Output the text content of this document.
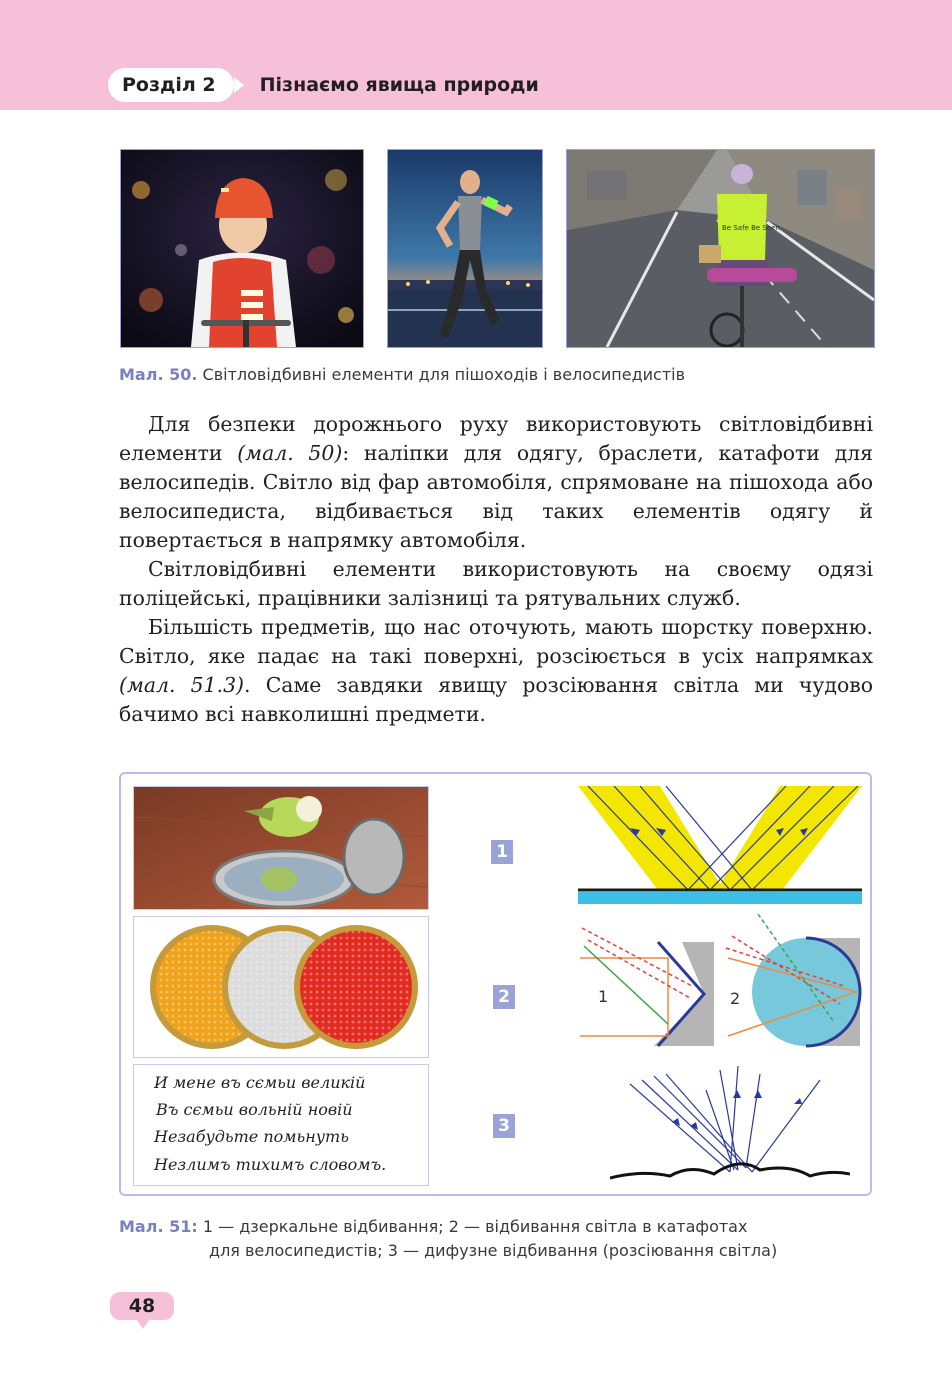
Розділ 2	Пізнаємо явища природи
Be Safe Be Seen
Мал. 50. Світловідбивні елементи для пішоходів і велосипедистів

Для безпеки дорожнього руху використовують світловідбивні елементи (мал. 50): наліпки для одягу, браслети, катафоти для велосипедів. Світло від фар автомобіля, спрямоване на пішохода або велосипедиста, відбивається від таких елементів одягу й повертається в напрямку автомобіля.

Світловідбивні елементи використовують на своєму одязі поліцейські, працівники залізниці та рятувальних служб.

Більшість предметів, що нас оточують, мають шорстку поверхню. Світло, яке падає на такі поверхні, розсіюється в усіх напрямках (мал. 51.3). Саме завдяки явищу розсіювання світла ми чудово бачимо всі навколишні предмети.

И мене въ сємьи великій
Въ сємьи вольній новій
Незабудьте помьнуть
Незлимъ тихимъ словомъ.
1
2
3
1	2
Мал. 51: 1 — дзеркальне відбивання; 2 — відбивання світла в катафотах
для велосипедистів; 3 — дифузне відбивання (розсіювання світла)
48
